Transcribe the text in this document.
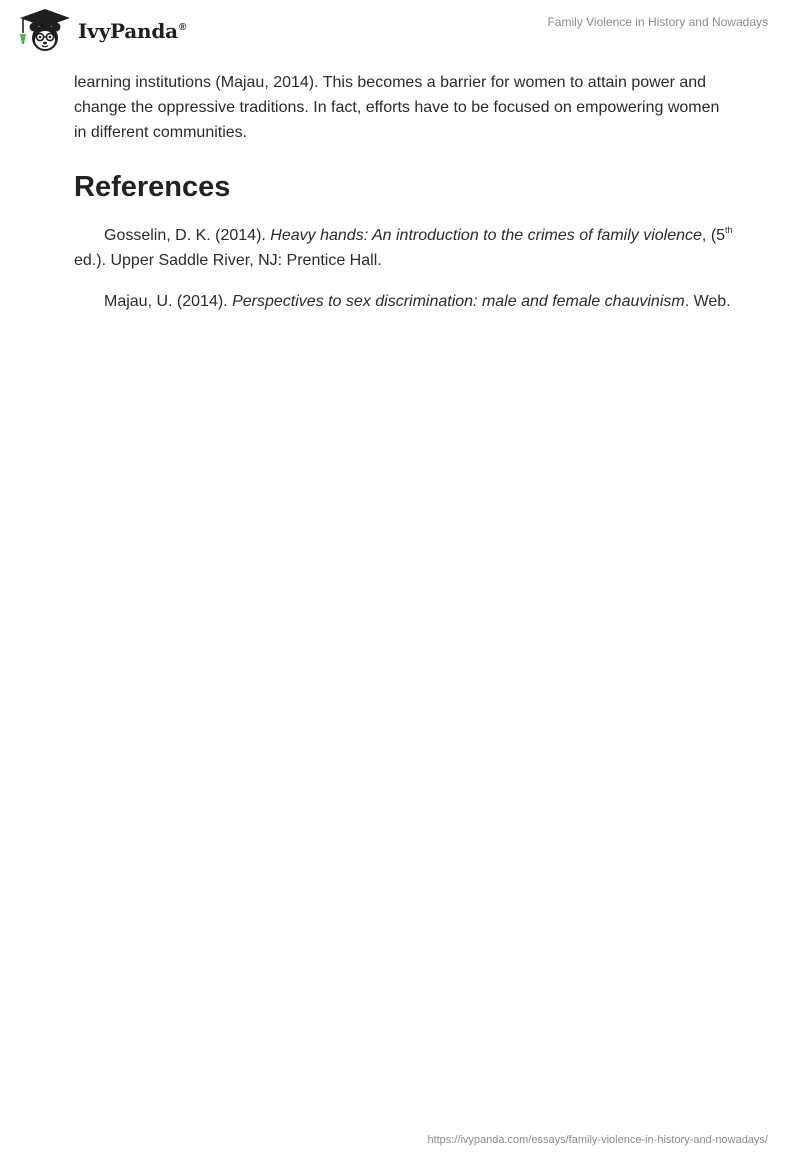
IvyPanda®	Family Violence in History and Nowadays

learning institutions (Majau, 2014). This becomes a barrier for women to attain power and change the oppressive traditions. In fact, efforts have to be focused on empowering women in different communities.

References

Gosselin, D. K. (2014). Heavy hands: An introduction to the crimes of family violence, (5th ed.). Upper Saddle River, NJ: Prentice Hall.

Majau, U. (2014). Perspectives to sex discrimination: male and female chauvinism. Web.

https://ivypanda.com/essays/family-violence-in-history-and-nowadays/
